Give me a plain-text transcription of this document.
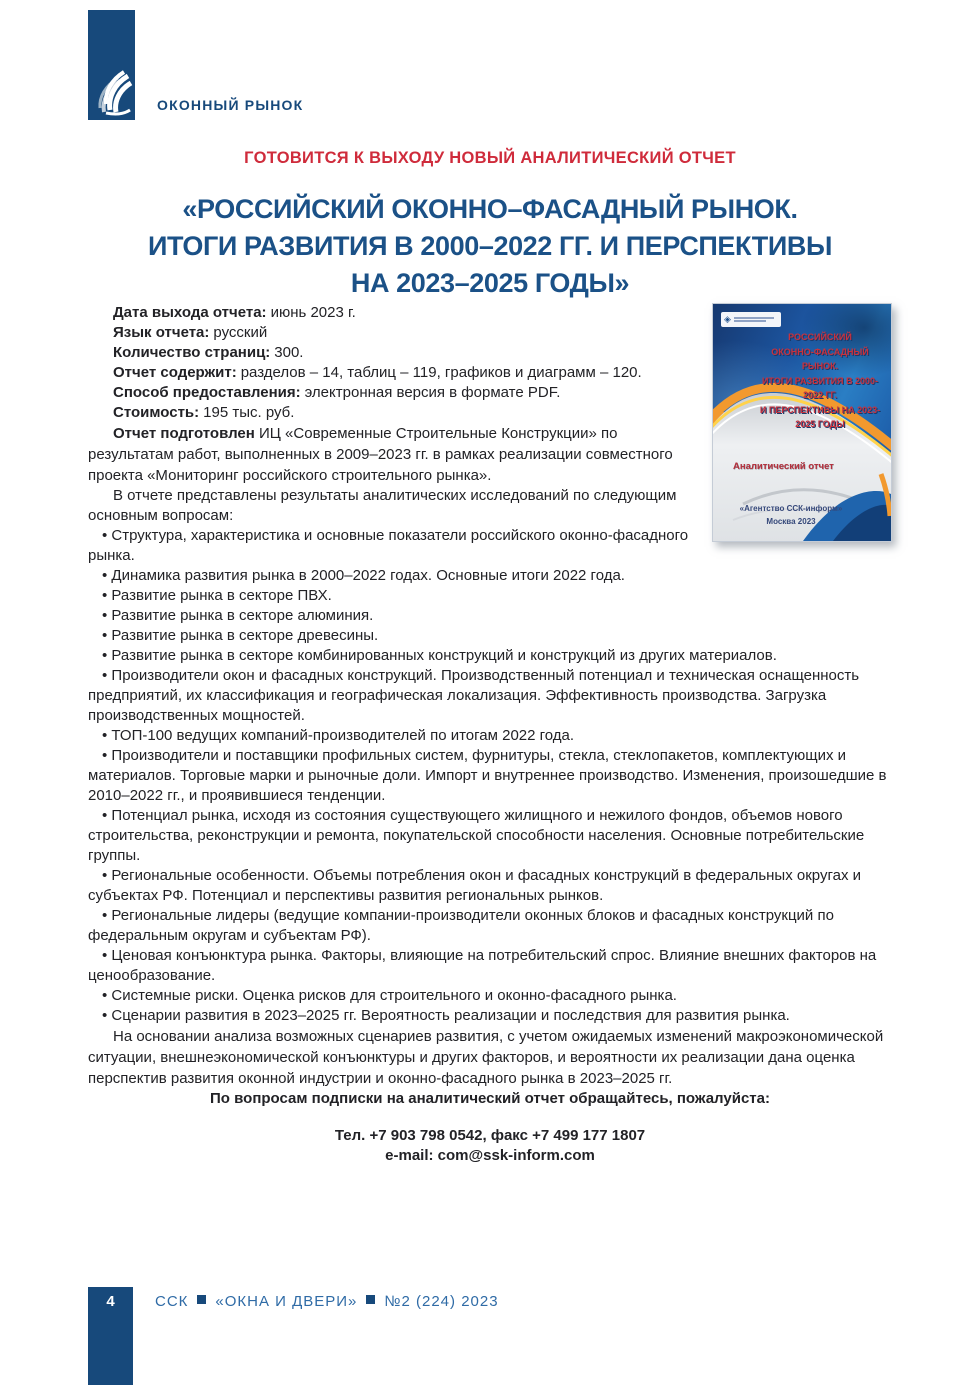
ОКОННЫЙ РЫНОК
ГОТОВИТСЯ К ВЫХОДУ НОВЫЙ АНАЛИТИЧЕСКИЙ ОТЧЕТ
«РОССИЙСКИЙ ОКОННО–ФАСАДНЫЙ РЫНОК.
ИТОГИ РАЗВИТИЯ В 2000–2022 ГГ. И ПЕРСПЕКТИВЫ
НА 2023–2025 ГОДЫ»
◈
РОССИЙСКИЙ
ОКОННО-ФАСАДНЫЙ РЫНОК.
ИТОГИ РАЗВИТИЯ В 2000-2022 ГГ.
И ПЕРСПЕКТИВЫ НА 2023-2025 ГОДЫ
Аналитический отчет
«Агентство ССК-информ»
Москва 2023

Дата выхода отчета: июнь 2023 г.

Язык отчета: русский

Количество страниц: 300.

Отчет содержит: разделов – 14, таблиц – 119, графиков и диаграмм – 120.

Способ предоставления: электронная версия в формате PDF.

Стоимость: 195 тыс. руб.

Отчет подготовлен ИЦ «Современные Строительные Конструкции» по результатам работ, выполненных в 2009–2023 гг. в рамках реализации совместного проекта «Мониторинг российского строительного рынка».

В отчете представлены результаты аналитических исследований по следующим основным вопросам:

• Структура, характеристика и основные показатели российского оконно-фасадного рынка.

• Динамика развития рынка в 2000–2022 годах. Основные итоги 2022 года.

• Развитие рынка в секторе ПВХ.

• Развитие рынка в секторе алюминия.

• Развитие рынка в секторе древесины.

• Развитие рынка в секторе комбинированных конструкций и конструкций из других материалов.

• Производители окон и фасадных конструкций. Производственный потенциал и техническая оснащенность предприятий, их классификация и географическая локализация. Эффективность производства. Загрузка производственных мощностей.

• ТОП-100 ведущих компаний-производителей по итогам 2022 года.

• Производители и поставщики профильных систем, фурнитуры, стекла, стеклопакетов, комплектующих и материалов. Торговые марки и рыночные доли. Импорт и внутреннее производство. Изменения, произошедшие в 2010–2022 гг., и проявившиеся тенденции.

• Потенциал рынка, исходя из состояния существующего жилищного и нежилого фондов, объемов нового строительства, реконструкции и ремонта, покупательской способности населения. Основные потребительские группы.

• Региональные особенности. Объемы потребления окон и фасадных конструкций в федеральных округах и субъектах РФ. Потенциал и перспективы развития региональных рынков.

• Региональные лидеры (ведущие компании-производители оконных блоков и фасадных конструкций по федеральным округам и субъектам РФ).

• Ценовая конъюнктура рынка. Факторы, влияющие на потребительский спрос. Влияние внешних факторов на ценообразование.

• Системные риски. Оценка рисков для строительного и оконно-фасадного рынка.

• Сценарии развития в 2023–2025 гг. Вероятность реализации и последствия для развития рынка.

На основании анализа возможных сценариев развития, с учетом ожидаемых изменений макроэкономической ситуации, внешнеэкономической конъюнктуры и других факторов, и вероятности их реализации дана оценка перспектив развития оконной индустрии и оконно-фасадного рынка в 2023–2025 гг.

По вопросам подписки на аналитический отчет обращайтесь, пожалуйста:

Тел. +7 903 798 0542, факс +7 499 177 1807

e-mail: com@ssk-inform.com

4	ССК «ОКНА И ДВЕРИ» №2 (224) 2023
